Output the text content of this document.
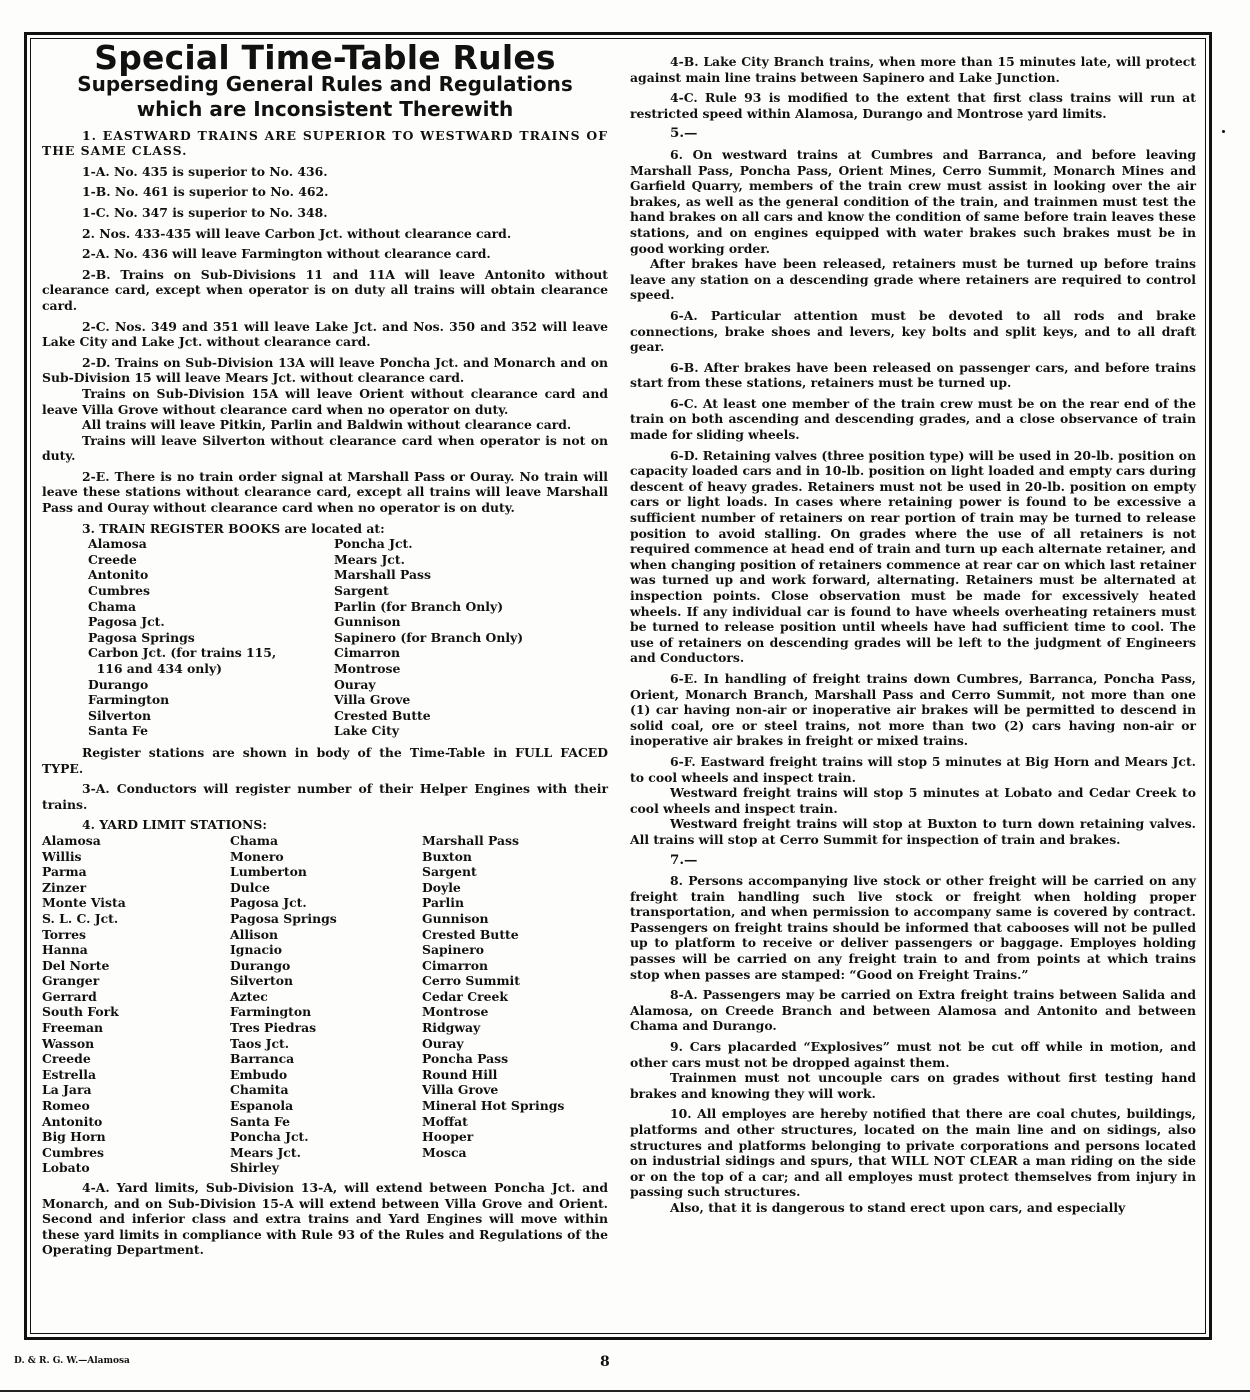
Special Time-Table Rules
Superseding General Rules and Regulations which are Inconsistent Therewith

1. EASTWARD TRAINS ARE SUPERIOR TO WESTWARD TRAINS OF THE SAME CLASS.

1-A. No. 435 is superior to No. 436.

1-B. No. 461 is superior to No. 462.

1-C. No. 347 is superior to No. 348.

2. Nos. 433-435 will leave Carbon Jct. without clearance card.

2-A. No. 436 will leave Farmington without clearance card.

2-B. Trains on Sub-Divisions 11 and 11A will leave Antonito without clearance card, except when operator is on duty all trains will obtain clearance card.

2-C. Nos. 349 and 351 will leave Lake Jct. and Nos. 350 and 352 will leave Lake City and Lake Jct. without clearance card.

2-D. Trains on Sub-Division 13A will leave Poncha Jct. and Monarch and on Sub-Division 15 will leave Mears Jct. without clearance card.

Trains on Sub-Division 15A will leave Orient without clearance card and leave Villa Grove without clearance card when no operator on duty.

All trains will leave Pitkin, Parlin and Baldwin without clearance card.

Trains will leave Silverton without clearance card when operator is not on duty.

2-E. There is no train order signal at Marshall Pass or Ouray. No train will leave these stations without clearance card, except all trains will leave Marshall Pass and Ouray without clearance card when no operator is on duty.

3. TRAIN REGISTER BOOKS are located at:

Alamosa
Creede
Antonito
Cumbres
Chama
Pagosa Jct.
Pagosa Springs
Carbon Jct. (for trains 115,
116 and 434 only)
Durango
Farmington
Silverton
Santa Fe
Poncha Jct.
Mears Jct.
Marshall Pass
Sargent
Parlin (for Branch Only)
Gunnison
Sapinero (for Branch Only)
Cimarron
Montrose
Ouray
Villa Grove
Crested Butte
Lake City

Register stations are shown in body of the Time-Table in FULL FACED TYPE.

3-A. Conductors will register number of their Helper Engines with their trains.

4. YARD LIMIT STATIONS:

Alamosa
Willis
Parma
Zinzer
Monte Vista
S. L. C. Jct.
Torres
Hanna
Del Norte
Granger
Gerrard
South Fork
Freeman
Wasson
Creede
Estrella
La Jara
Romeo
Antonito
Big Horn
Cumbres
Lobato
Chama
Monero
Lumberton
Dulce
Pagosa Jct.
Pagosa Springs
Allison
Ignacio
Durango
Silverton
Aztec
Farmington
Tres Piedras
Taos Jct.
Barranca
Embudo
Chamita
Espanola
Santa Fe
Poncha Jct.
Mears Jct.
Shirley
Marshall Pass
Buxton
Sargent
Doyle
Parlin
Gunnison
Crested Butte
Sapinero
Cimarron
Cerro Summit
Cedar Creek
Montrose
Ridgway
Ouray
Poncha Pass
Round Hill
Villa Grove
Mineral Hot Springs
Moffat
Hooper
Mosca

4-A. Yard limits, Sub-Division 13-A, will extend between Poncha Jct. and Monarch, and on Sub-Division 15-A will extend between Villa Grove and Orient. Second and inferior class and extra trains and Yard Engines will move within these yard limits in compliance with Rule 93 of the Rules and Regulations of the Operating Department.

4-B. Lake City Branch trains, when more than 15 minutes late, will protect against main line trains between Sapinero and Lake Junction.

4-C. Rule 93 is modified to the extent that first class trains will run at restricted speed within Alamosa, Durango and Montrose yard limits.

5.—

6. On westward trains at Cumbres and Barranca, and before leaving Marshall Pass, Poncha Pass, Orient Mines, Cerro Summit, Monarch Mines and Garfield Quarry, members of the train crew must assist in looking over the air brakes, as well as the general condition of the train, and trainmen must test the hand brakes on all cars and know the condition of same before train leaves these stations, and on engines equipped with water brakes such brakes must be in good working order.

After brakes have been released, retainers must be turned up before trains leave any station on a descending grade where retainers are required to control speed.

6-A. Particular attention must be devoted to all rods and brake connections, brake shoes and levers, key bolts and split keys, and to all draft gear.

6-B. After brakes have been released on passenger cars, and before trains start from these stations, retainers must be turned up.

6-C. At least one member of the train crew must be on the rear end of the train on both ascending and descending grades, and a close observance of train made for sliding wheels.

6-D. Retaining valves (three position type) will be used in 20-lb. position on capacity loaded cars and in 10-lb. position on light loaded and empty cars during descent of heavy grades. Retainers must not be used in 20-lb. position on empty cars or light loads. In cases where retaining power is found to be excessive a sufficient number of retainers on rear portion of train may be turned to release position to avoid stalling. On grades where the use of all retainers is not required commence at head end of train and turn up each alternate retainer, and when changing position of retainers commence at rear car on which last retainer was turned up and work forward, alternating. Retainers must be alternated at inspection points. Close observation must be made for excessively heated wheels. If any individual car is found to have wheels overheating retainers must be turned to release position until wheels have had sufficient time to cool. The use of retainers on descending grades will be left to the judgment of Engineers and Conductors.

6-E. In handling of freight trains down Cumbres, Barranca, Poncha Pass, Orient, Monarch Branch, Marshall Pass and Cerro Summit, not more than one (1) car having non-air or inoperative air brakes will be permitted to descend in solid coal, ore or steel trains, not more than two (2) cars having non-air or inoperative air brakes in freight or mixed trains.

6-F. Eastward freight trains will stop 5 minutes at Big Horn and Mears Jct. to cool wheels and inspect train.

Westward freight trains will stop 5 minutes at Lobato and Cedar Creek to cool wheels and inspect train.

Westward freight trains will stop at Buxton to turn down retaining valves. All trains will stop at Cerro Summit for inspection of train and brakes.

7.—

8. Persons accompanying live stock or other freight will be carried on any freight train handling such live stock or freight when holding proper transportation, and when permission to accompany same is covered by contract. Passengers on freight trains should be informed that cabooses will not be pulled up to platform to receive or deliver passengers or baggage. Employes holding passes will be carried on any freight train to and from points at which trains stop when passes are stamped: “Good on Freight Trains.”

8-A. Passengers may be carried on Extra freight trains between Salida and Alamosa, on Creede Branch and between Alamosa and Antonito and between Chama and Durango.

9. Cars placarded “Explosives” must not be cut off while in motion, and other cars must not be dropped against them.

Trainmen must not uncouple cars on grades without first testing hand brakes and knowing they will work.

10. All employes are hereby notified that there are coal chutes, buildings, platforms and other structures, located on the main line and on sidings, also structures and platforms belonging to private corporations and persons located on industrial sidings and spurs, that WILL NOT CLEAR a man riding on the side or on the top of a car; and all employes must protect themselves from injury in passing such structures.

Also, that it is dangerous to stand erect upon cars, and especially

D. & R. G. W.—Alamosa	8
